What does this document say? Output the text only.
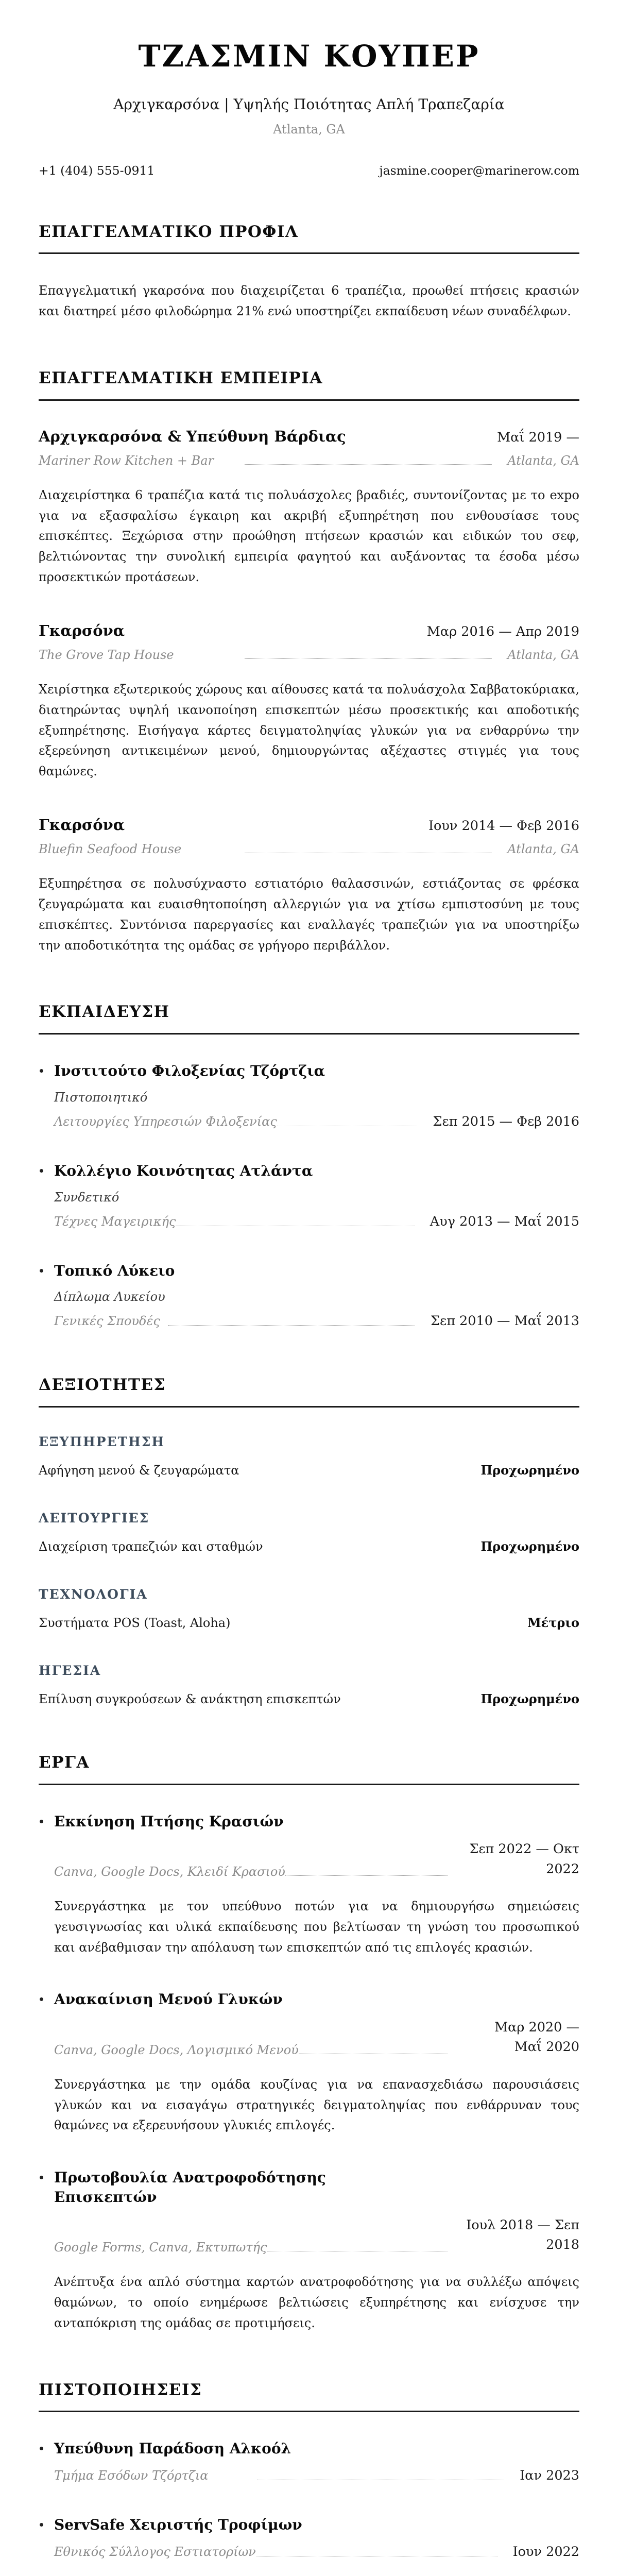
ΤΖΑΣΜΙΝ ΚΟΥΠΕΡ
Αρχιγκαρσόνα | Υψηλής Ποιότητας Απλή Τραπεζαρία
Atlanta, GA
+1 (404) 555-0911	jasmine.cooper@marinerow.com
ΕΠΑΓΓΕΛΜΑΤΙΚΟ ΠΡΟΦΙΛ

Επαγγελματική γκαρσόνα που διαχειρίζεται 6 τραπέζια, προωθεί πτήσεις κρασιών και διατηρεί μέσο φιλοδώρημα 21% ενώ υποστηρίζει εκπαίδευση νέων συναδέλφων.

ΕΠΑΓΓΕΛΜΑΤΙΚΗ ΕΜΠΕΙΡΙΑ
Αρχιγκαρσόνα & Υπεύθυνη Βάρδιας	Μαΐ 2019 —
Mariner Row Kitchen + Bar	Atlanta, GA

Διαχειρίστηκα 6 τραπέζια κατά τις πολυάσχολες βραδιές, συντονίζοντας με το expo για να εξασφαλίσω έγκαιρη και ακριβή εξυπηρέτηση που ενθουσίασε τους επισκέπτες. Ξεχώρισα στην προώθηση πτήσεων κρασιών και ειδικών του σεφ, βελτιώνοντας την συνολική εμπειρία φαγητού και αυξάνοντας τα έσοδα μέσω προσεκτικών προτάσεων.

Γκαρσόνα	Μαρ 2016 — Απρ 2019
The Grove Tap House	Atlanta, GA

Χειρίστηκα εξωτερικούς χώρους και αίθουσες κατά τα πολυάσχολα Σαββατοκύριακα, διατηρώντας υψηλή ικανοποίηση επισκεπτών μέσω προσεκτικής και αποδοτικής εξυπηρέτησης. Εισήγαγα κάρτες δειγματοληψίας γλυκών για να ενθαρρύνω την εξερεύνηση αντικειμένων μενού, δημιουργώντας αξέχαστες στιγμές για τους θαμώνες.

Γκαρσόνα	Ιουν 2014 — Φεβ 2016
Bluefin Seafood House	Atlanta, GA

Εξυπηρέτησα σε πολυσύχναστο εστιατόριο θαλασσινών, εστιάζοντας σε φρέσκα ζευγαρώματα και ευαισθητοποίηση αλλεργιών για να χτίσω εμπιστοσύνη με τους επισκέπτες. Συντόνισα παρεργασίες και εναλλαγές τραπεζιών για να υποστηρίξω την αποδοτικότητα της ομάδας σε γρήγορο περιβάλλον.

ΕΚΠΑΙΔΕΥΣΗ
Ινστιτούτο Φιλοξενίας Τζόρτζια
Πιστοποιητικό
Λειτουργίες Υπηρεσιών Φιλοξενίας	Σεπ 2015 — Φεβ 2016
Κολλέγιο Κοινότητας Ατλάντα
Συνδετικό
Τέχνες Μαγειρικής	Αυγ 2013 — Μαΐ 2015
Τοπικό Λύκειο
Δίπλωμα Λυκείου
Γενικές Σπουδές	Σεπ 2010 — Μαΐ 2013
ΔΕΞΙΟΤΗΤΕΣ
ΕΞΥΠΗΡΕΤΗΣΗ
Αφήγηση μενού & ζευγαρώματα	Προχωρημένο
ΛΕΙΤΟΥΡΓΙΕΣ
Διαχείριση τραπεζιών και σταθμών	Προχωρημένο
ΤΕΧΝΟΛΟΓΙΑ
Συστήματα POS (Toast, Aloha)	Μέτριο
ΗΓΕΣΙΑ
Επίλυση συγκρούσεων & ανάκτηση επισκεπτών	Προχωρημένο
ΕΡΓΑ
Εκκίνηση Πτήσης Κρασιών
Canva, Google Docs, Κλειδί Κρασιού
Σεπ 2022 — Οκτ 2022

Συνεργάστηκα με τον υπεύθυνο ποτών για να δημιουργήσω σημειώσεις γευσιγνωσίας και υλικά εκπαίδευσης που βελτίωσαν τη γνώση του προσωπικού και ανέβαθμισαν την απόλαυση των επισκεπτών από τις επιλογές κρασιών.

Ανακαίνιση Μενού Γλυκών
Canva, Google Docs, Λογισμικό Μενού
Μαρ 2020 — Μαΐ 2020

Συνεργάστηκα με την ομάδα κουζίνας για να επανασχεδιάσω παρουσιάσεις γλυκών και να εισαγάγω στρατηγικές δειγματοληψίας που ενθάρρυναν τους θαμώνες να εξερευνήσουν γλυκιές επιλογές.

Πρωτοβουλία Ανατροφοδότησης Επισκεπτών
Google Forms, Canva, Εκτυπωτής
Ιουλ 2018 — Σεπ 2018

Ανέπτυξα ένα απλό σύστημα καρτών ανατροφοδότησης για να συλλέξω απόψεις θαμώνων, το οποίο ενημέρωσε βελτιώσεις εξυπηρέτησης και ενίσχυσε την ανταπόκριση της ομάδας σε προτιμήσεις.

ΠΙΣΤΟΠΟΙΗΣΕΙΣ
Υπεύθυνη Παράδοση Αλκοόλ
Τμήμα Εσόδων Τζόρτζια	Ιαν 2023
ServSafe Χειριστής Τροφίμων
Εθνικός Σύλλογος Εστιατορίων	Ιουν 2022
